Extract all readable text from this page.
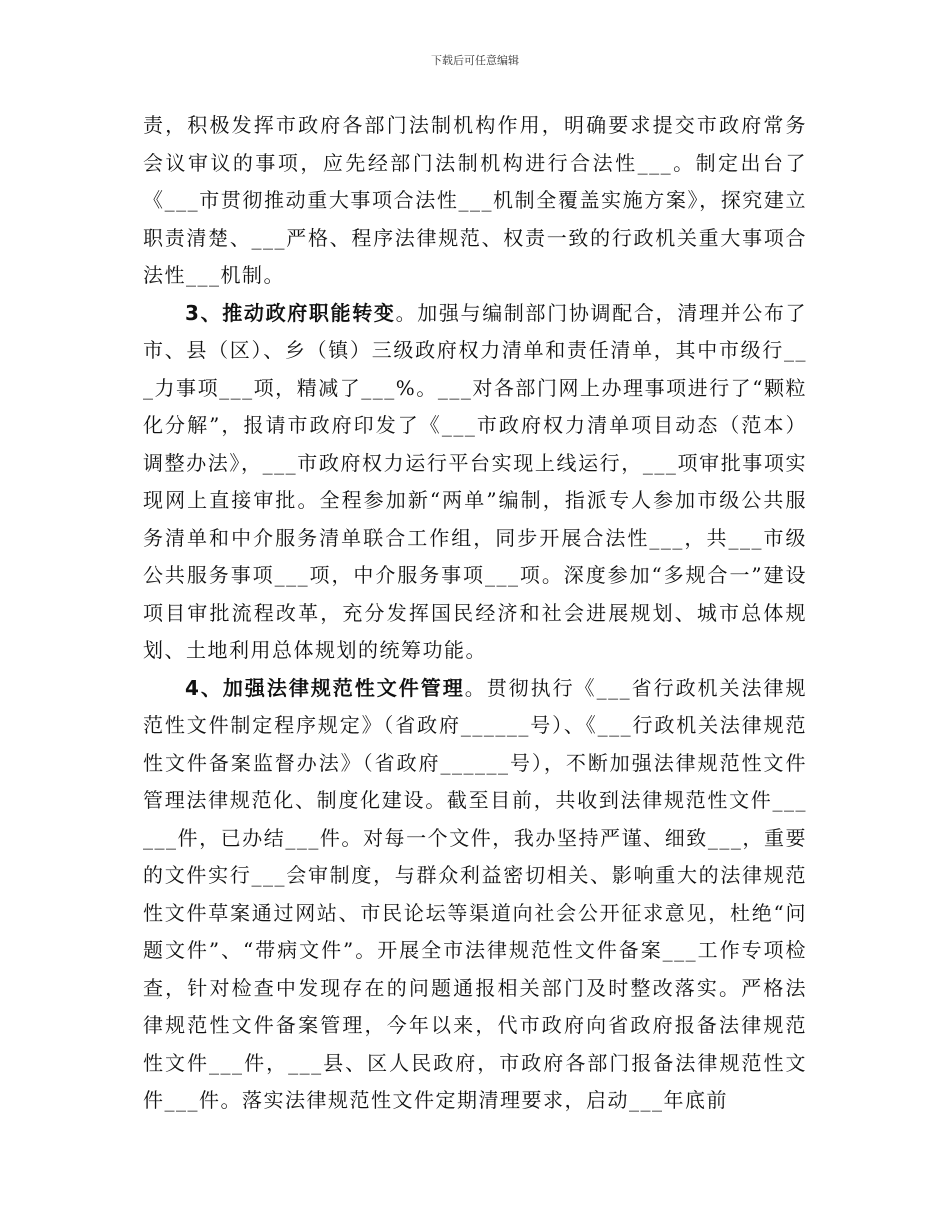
下载后可任意编辑

责，积极发挥市政府各部门法制机构作用，明确要求提交市政府常务会议审议的事项，应先经部门法制机构进行合法性___。制定出台了《___市贯彻推动重大事项合法性___机制全覆盖实施方案》，探究建立职责清楚、___严格、程序法律规范、权责一致的行政机关重大事项合法性___机制。

3、推动政府职能转变。加强与编制部门协调配合，清理并公布了市、县（区）、乡（镇）三级政府权力清单和责任清单，其中市级行___力事项___项，精减了___%。___对各部门网上办理事项进行了“颗粒化分解”，报请市政府印发了《___市政府权力清单项目动态（范本）调整办法》，___市政府权力运行平台实现上线运行，___项审批事项实现网上直接审批。全程参加新“两单”编制，指派专人参加市级公共服务清单和中介服务清单联合工作组，同步开展合法性___，共___市级公共服务事项___项，中介服务事项___项。深度参加“多规合一”建设项目审批流程改革，充分发挥国民经济和社会进展规划、城市总体规划、土地利用总体规划的统筹功能。

4、加强法律规范性文件管理。贯彻执行《___省行政机关法律规范性文件制定程序规定》（省政府______号）、《___行政机关法律规范性文件备案监督办法》（省政府______号），不断加强法律规范性文件管理法律规范化、制度化建设。截至目前，共收到法律规范性文件______件，已办结___件。对每一个文件，我办坚持严谨、细致___，重要的文件实行___会审制度，与群众利益密切相关、影响重大的法律规范性文件草案通过网站、市民论坛等渠道向社会公开征求意见，杜绝“问题文件”、“带病文件”。开展全市法律规范性文件备案___工作专项检查，针对检查中发现存在的问题通报相关部门及时整改落实。严格法律规范性文件备案管理，今年以来，代市政府向省政府报备法律规范性文件___件，___县、区人民政府，市政府各部门报备法律规范性文件___件。落实法律规范性文件定期清理要求，启动___年底前
